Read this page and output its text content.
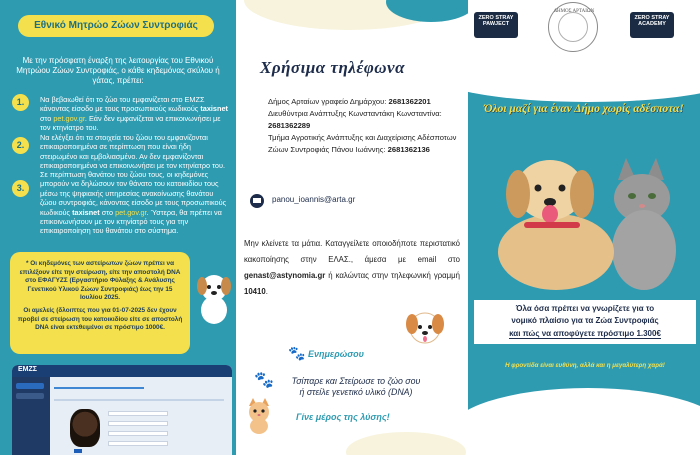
Εθνικό Μητρώο Ζώων Συντροφιάς
Με την πρόσφατη έναρξη της λειτουργίας του Εθνικού Μητρώου Ζώων Συντροφιάς, ο κάθε κηδεμόνας σκύλου ή γάτας, πρέπει:
1.	Να βεβαιωθεί ότι το ζώο του εμφανίζεται στο ΕΜΖΣ κάνοντας είσοδο με τους προσωπικούς κωδικούς taxisnet στο pet.gov.gr. Εάν δεν εμφανίζεται να επικοινωνήσει με τον κτηνίατρο του.
2.
Να ελέγξει ότι τα στοιχεία του ζώου του εμφανίζονται επικαιροποιημένα σε περίπτωση που είναι ήδη στειρωμένο και εμβολιασμένο. Αν δεν εμφανίζονται επικαιροποιημένα να επικοινωνήσει με τον κτηνίατρο του.
3.
Σε περίπτωση θανάτου του ζώου τους, οι κηδεμόνες μπορούν να δηλώσουν τον θάνατο του κατοικιδίου τους μέσω της ψηφιακής υπηρεσίας ανακοίνωσης θανάτου ζώου συντροφιάς, κάνοντας είσοδο με τους προσωπικούς κωδικούς taxisnet στο pet.gov.gr. Ύστερα, θα πρέπει να επικοινωνήσουν με τον κτηνίατρό τους για την επικαιροποίηση του θανάτου στο σύστημα.

* Οι κηδεμόνες των αστείρωτων ζώων πρέπει να επιλέξουν είτε την στείρωση, είτε την αποστολή DNA στο ΕΦΑΓΥΖΣ (Εργαστήριο Φύλαξης & Ανάλυσης Γενετικού Υλικού Ζώων Συντροφιάς) έως την 15 Ιουλίου 2025.

Οι αμελείς (δλοιπτες που για 01-07-2025 δεν έχουν προβεί σε στείρωση του κατοικιδίου είτε σε αποστολή DNA είναι εκτεθειμένοι σε πρόστιμο 1000€.

ΕΜΖΣ
Χρήσιμα τηλέφωνα
Δήμος Αρταίων γραφείο Δημάρχου: 2681362201
Διευθύντρια Ανάπτυξης Κωνσταντάκη Κωνσταντίνα: 2681362289
Τμήμα Αγροτικής Ανάπτυξης και Διαχείρισης Αδέσποτων Ζώων Συντροφιάς Πάνου Ιωάννης: 2681362136
panou_ioannis@arta.gr
Μην κλείνετε τα μάτια. Καταγγείλετε οποιοδήποτε περιστατικό κακοποίησης στην ΕΛΑΣ., άμεσα με email στο genast@astynomia.gr ή καλώντας στην τηλεφωνική γραμμή 10410.
🐾 Ενημερώσου
🐾	Τσίπαρε και Στείρωσε το ζώο σου
ή στείλε γενετικό υλικό (DNA)
Γίνε μέρος της λύσης!
ZERO STRAY PAWJECT
ΔΗΜΟΣ ΑΡΤΑΙΩΝ
ZERO STRAY ACADEMY
Όλοι μαζί για έναν Δήμο χωρίς αδέσποτα!
Όλα όσα πρέπει να γνωρίζετε για το
νομικό πλαίσιο για τα Ζώα Συντροφιάς
και πώς να αποφύγετε πρόστιμο 1.300€
Η φροντίδα είναι ευθύνη, αλλά και η μεγαλύτερη χαρά!
